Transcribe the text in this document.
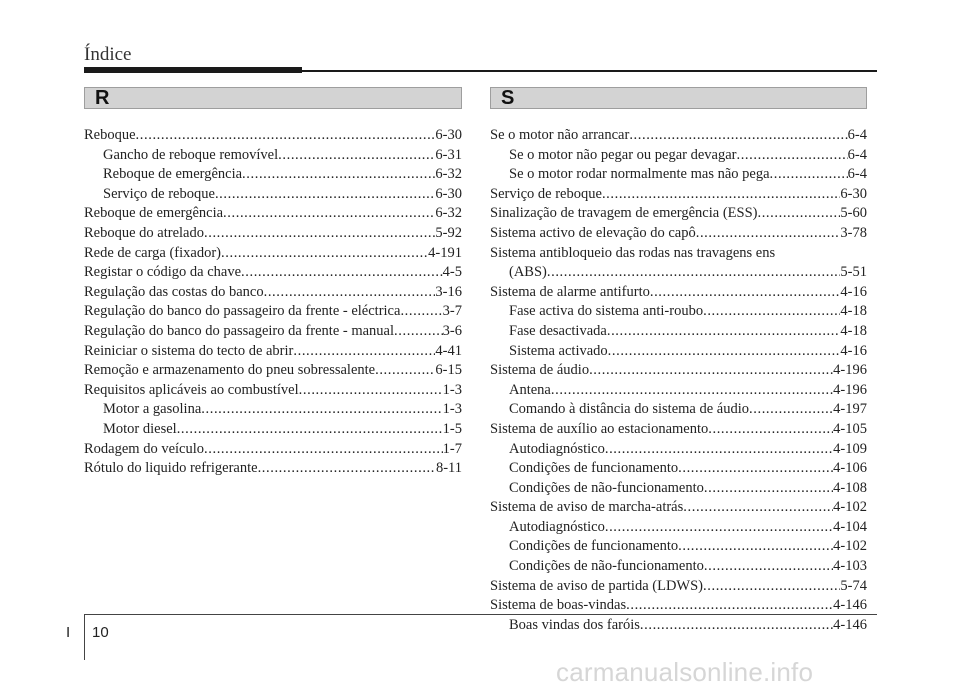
Índice
R	S
Reboque .....	6-30
Gancho de reboque removível .....	6-31
Reboque de emergência .....	6-32
Serviço de reboque .....	6-30
Reboque de emergência .....	6-32
Reboque do atrelado .....	5-92
Rede de carga (fixador) .....	4-191
Registar o código da chave .....	4-5
Regulação das costas do banco .....	3-16
Regulação do banco do passageiro da frente - eléctrica .....	3-7
Regulação do banco do passageiro da frente - manual .....	3-6
Reiniciar o sistema do tecto de abrir .....	4-41
Remoção e armazenamento do pneu sobressalente .....	6-15
Requisitos aplicáveis ao combustível .....	1-3
Motor a gasolina .....	1-3
Motor diesel .....	1-5
Rodagem do veículo .....	1-7
Rótulo do liquido refrigerante .....	8-11
Se o motor não arrancar .....	6-4
Se o motor não pegar ou pegar devagar .....	6-4
Se o motor rodar normalmente mas não pega .....	6-4
Serviço de reboque .....	6-30
Sinalização de travagem de emergência (ESS) .....	5-60
Sistema activo de elevação do capô .....	3-78
Sistema antibloqueio das rodas nas travagens ens
(ABS) .....	5-51
Sistema de alarme antifurto .....	4-16
Fase activa do sistema anti-roubo .....	4-18
Fase desactivada .....	4-18
Sistema activado .....	4-16
Sistema de áudio .....	4-196
Antena .....	4-196
Comando à distância do sistema de áudio .....	4-197
Sistema de auxílio ao estacionamento .....	4-105
Autodiagnóstico .....	4-109
Condições de funcionamento .....	4-106
Condições de não-funcionamento .....	4-108
Sistema de aviso de marcha-atrás .....	4-102
Autodiagnóstico .....	4-104
Condições de funcionamento .....	4-102
Condições de não-funcionamento .....	4-103
Sistema de aviso de partida (LDWS) .....	5-74
Sistema de boas-vindas .....	4-146
Boas vindas dos faróis .....	4-146
I 10
carmanualsonline.info
